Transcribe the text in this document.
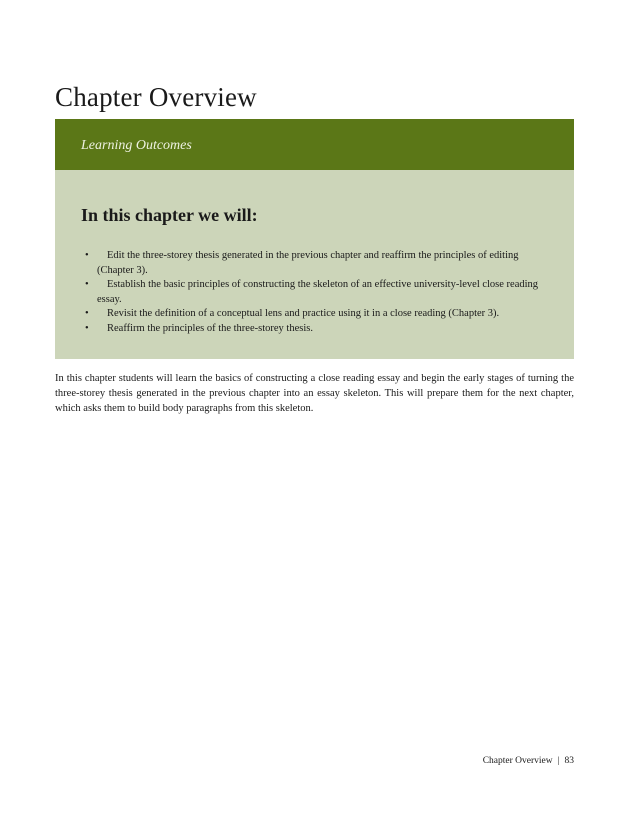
Chapter Overview
Learning Outcomes
In this chapter we will:
• Edit the three-storey thesis generated in the previous chapter and reaffirm the principles of editing (Chapter 3).
• Establish the basic principles of constructing the skeleton of an effective university-level close reading essay.
• Revisit the definition of a conceptual lens and practice using it in a close reading (Chapter 3).
• Reaffirm the principles of the three-storey thesis.

In this chapter students will learn the basics of constructing a close reading essay and begin the early stages of turning the three-storey thesis generated in the previous chapter into an essay skeleton. This will prepare them for the next chapter, which asks them to build body paragraphs from this skeleton.

Chapter Overview | 83
